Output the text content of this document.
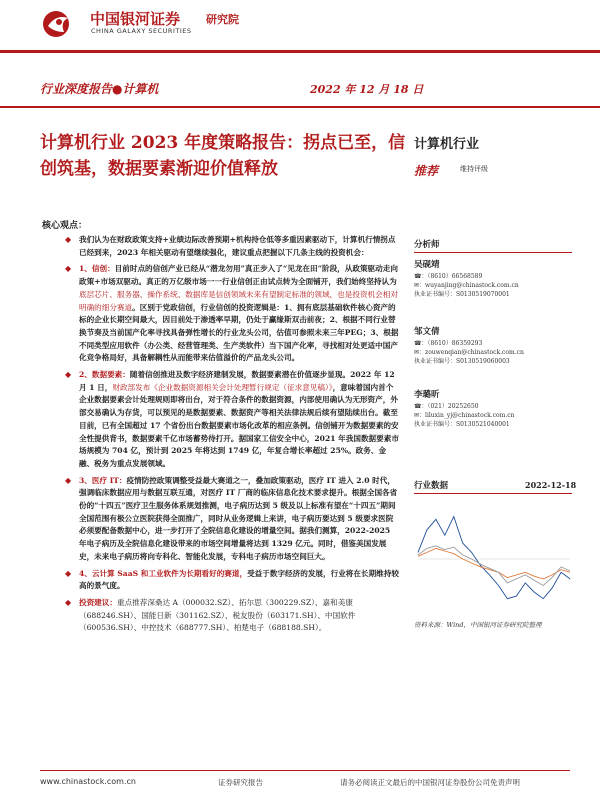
中国银河证券
CHINA GALAXY SECURITIES
研究院
行业深度报告●计算机	2022 年 12 月 18 日
计算机行业 2023 年度策略报告：拐点已至，信创筑基，数据要素渐迎价值释放
计算机行业
推荐	维持评级
核心观点：
◆ 我们认为在财政政策支持+业绩边际改善预期+机构持仓低等多重因素驱动下，计算机行情拐点已经到来，2023 年相关驱动有望继续强化，建议重点把握以下几条主线的投资机会：
◆ 1、信创：目前时点的信创产业已经从“潜龙勿用”真正步入了“见龙在田”阶段，从政策驱动走向政策+市场双驱动。真正的万亿级市场一一行业信创正由试点转为全面铺开，我们始终坚持认为底层芯片、服务器、操作系统、数据库是信创领域未来有望制定标准的领域，也是投资机会相对明确的细分赛道。区别于党政信创，行业信创的投资逻辑是：1、拥有底层基础软件核心资产的标的企业长期空间最大，因目前处于渗透率早期，仍处于赢缘斯双击前夜；2、根据不同行业替换节奏及当前国产化率寻找具备弹性增长的行业龙头公司，估值可参照未来三年PEG；3、根据不同类型应用软件（办公类、经营管理类、生产类软件）当下国产化率，寻找相对处更适中国产化竞争格局好，具备解耦性从而能带来估值溢价的产品龙头公司。
◆ 2、数据要素：随着信创推进及数字经济建制发展，数据要素潜在价值逐步显现。2022 年 12 月 1 日，财政部发布《企业数据资源相关会计处理暂行规定（征求意见稿）》，意味着国内首个企业数据要素会计处理规则即将出台，对于符合条件的数据资源，内部使用确认为无形资产，外部交易确认为存货，可以预见的是数据要素、数据资产等相关法律法规后续有望陆续出台。截至目前，已有全国超过 17 个省份出台数据要素市场化改革的相应条例。信创铺开为数据要素的安全性提供背书，数据要素千亿市场蓄势待打开。据国家工信安全中心，2021 年我国数据要素市场规模为 704 亿，预计到 2025 年将达到 1749 亿，年复合增长率超过 25%。政务、金融、税务为重点发展领域。
◆ 3、医疗 IT：疫情防控政策调整受益最大赛道之一，叠加政策驱动，医疗 IT 进入 2.0 时代，强调临床数据应用与数据互联互通，对医疗 IT 厂商的临床信息化技术要求提升。根据全国各省份的“十四五”医疗卫生服务体系规划推测，电子病历达到 5 级及以上标准有望在“十四五”期间全国范围有极公立医院获得全面推广，同时从业务逻辑上来讲，电子病历要达到 5 级要求医院必须要配备数据中心，进一步打开了全院信息化建设的增量空间。据我们测算，2022-2025 年电子病历及全院信息化建设带来的市场空间增量将达到 1329 亿元。同时，借鉴美国发展史，未来电子病历将向专科化、智能化发展，专科电子病历市场空间巨大。
◆ 4、云计算 SaaS 和工业软件为长期看好的赛道，受益于数字经济的发展，行业将在长期维持较高的景气度。
◆ 投资建议：重点推荐深桑达 A（000032.SZ）、拓尔思（300229.SZ）、嘉和美康（688246.SH）、国能日新（301162.SZ）、税友股份（603171.SH）、中国软件（600536.SH）、中控技术（688777.SH）、柏楚电子（688188.SH）。
分析师
吴砚靖
☎：（8610）66568589
✉：wuyanjing@chinastock.com.cn
执业证书编号：S0130519070001
邹文倩
☎：（8610）86359293
✉：zouwenqian@chinastock.com.cn
执业证书编号：S0130519060003
李璐昕
☎：（021）20252650
✉：liluxin_yj@chinastock.com.cn
执业证书编号：S0130521040001
行业数据	2022-12-18
资料来源：Wind，中国银河证券研究院整理
www.chinastock.com.cn	证券研究报告	请务必阅读正文最后的中国银河证券股份公司免责声明
